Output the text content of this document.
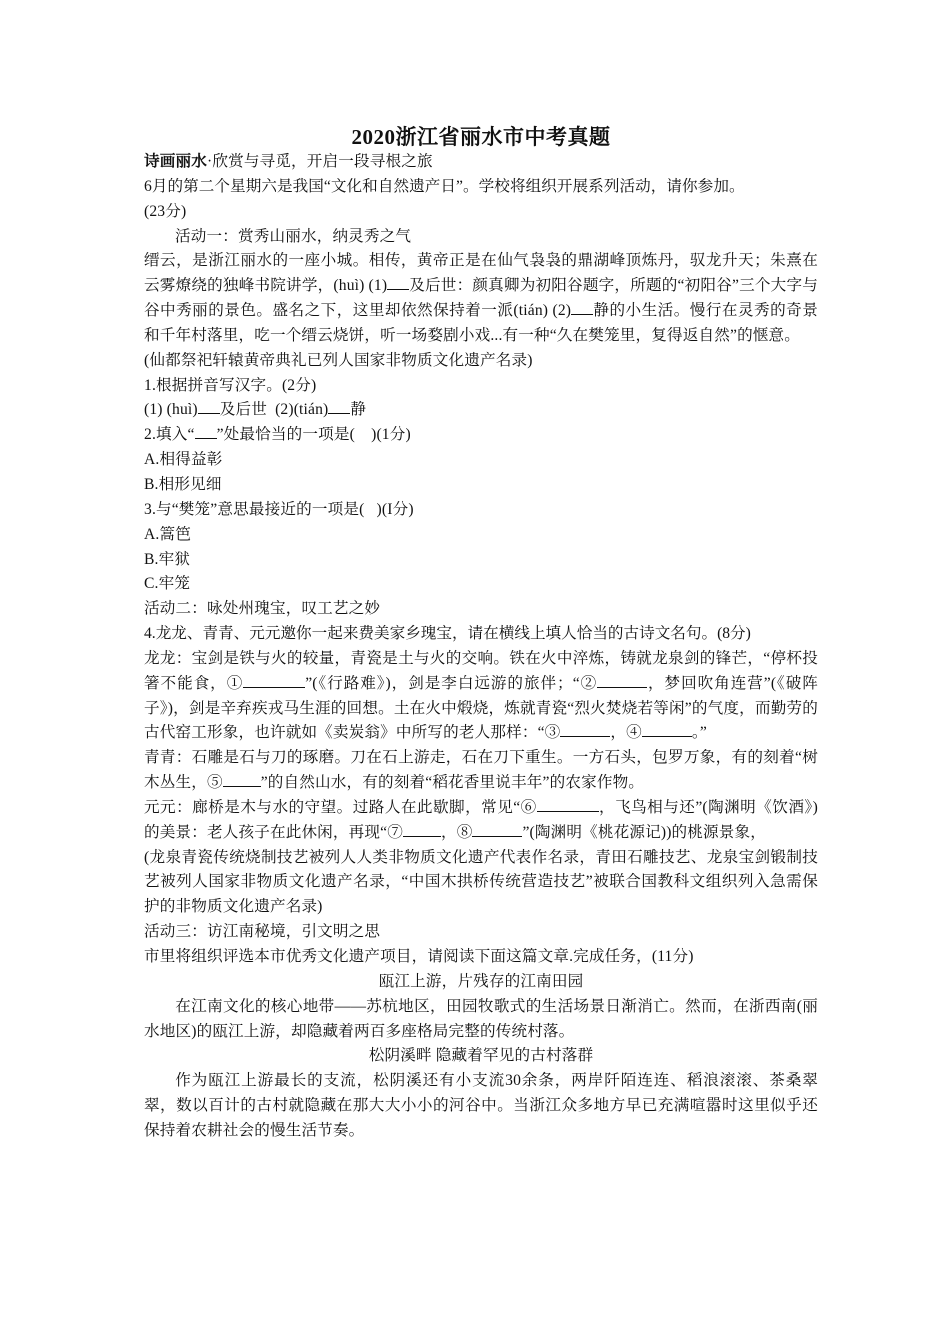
2020浙江省丽水市中考真题
诗画丽水·欣赏与寻觅，开启一段寻根之旅
6月的第二个星期六是我国“文化和自然遗产日”。学校将组织开展系列活动，请你参加。
(23分)
活动一：赏秀山丽水，纳灵秀之气
缙云，是浙江丽水的一座小城。相传，黄帝正是在仙气袅袅的鼎湖峰顶炼丹，驭龙升天；朱熹在云雾燎绕的独峰书院讲学，(huì) (1) 及后世：颜真卿为初阳谷题字，所题的“初阳谷”三个大字与谷中秀丽的景色。盛名之下，这里却依然保持着一派(tián) (2) 静的小生活。慢行在灵秀的奇景和千年村落里，吃一个缙云烧饼，听一场婺剧小戏...有一种“久在樊笼里，复得返自然”的惬意。
(仙都祭祀轩辕黄帝典礼已列人国家非物质文化遗产名录)
1.根据拼音写汉字。(2分)
(1) (huì) 及后世  (2)(tián) 静
2.填入“ ”处最恰当的一项是(    )(1分)
A.相得益彰
B.相形见细
3.与“樊笼”意思最接近的一项是(   )(I分)
A.篙笆
B.牢狱
C.牢笼
活动二：咏处州瑰宝，叹工艺之妙
4.龙龙、青青、元元邀你一起来费美家乡瑰宝，请在横线上填人恰当的古诗文名句。(8分)
龙龙：宝剑是铁与火的较量，青瓷是土与火的交响。铁在火中淬炼，铸就龙泉剑的锋芒，“停杯投箸不能食，①	”(《行路难》)，剑是李白远游的旅伴；“②	，梦回吹角连营”(《破阵子》)，剑是辛弃疾戎马生涯的回想。土在火中煅烧，炼就青瓷“烈火焚烧若等闲”的气度，而勤劳的古代窑工形象，也许就如《卖炭翁》中所写的老人那样：“③	，④	。”
青青：石雕是石与刀的琢磨。刀在石上游走，石在刀下重生。一方石头，包罗万象，有的刻着“树木丛生，⑤ ”的自然山水，有的刻着“稻花香里说丰年”的农家作物。
元元：廊桥是木与水的守望。过路人在此歇脚，常见“⑥	，飞鸟相与还”(陶渊明《饮酒》)的美景：老人孩子在此休闲，再现“⑦ ，⑧	”(陶渊明《桃花源记))的桃源景象，
(龙泉青瓷传统烧制技艺被列人人类非物质文化遗产代表作名录，青田石雕技艺、龙泉宝剑锻制技艺被列人国家非物质文化遗产名录，“中国木拱桥传统营造技艺”被联合国教科文组织列入急需保护的非物质文化遗产名录)
活动三：访江南秘境，引文明之思
市里将组织评选本市优秀文化遗产项目，请阅读下面这篇文章.完成任务，(11分)
瓯江上游，片残存的江南田园
在江南文化的核心地带——苏杭地区，田园牧歌式的生活场景日渐消亡。然而，在浙西南(丽水地区)的瓯江上游，却隐藏着两百多座格局完整的传统村落。
松阴溪畔 隐藏着罕见的古村落群
作为瓯江上游最长的支流，松阴溪还有小支流30余条，两岸阡陌连连、稻浪滚滚、茶桑翠翠，数以百计的古村就隐藏在那大大小小的河谷中。当浙江众多地方早已充满喧嚣时这里似乎还保持着农耕社会的慢生活节奏。
